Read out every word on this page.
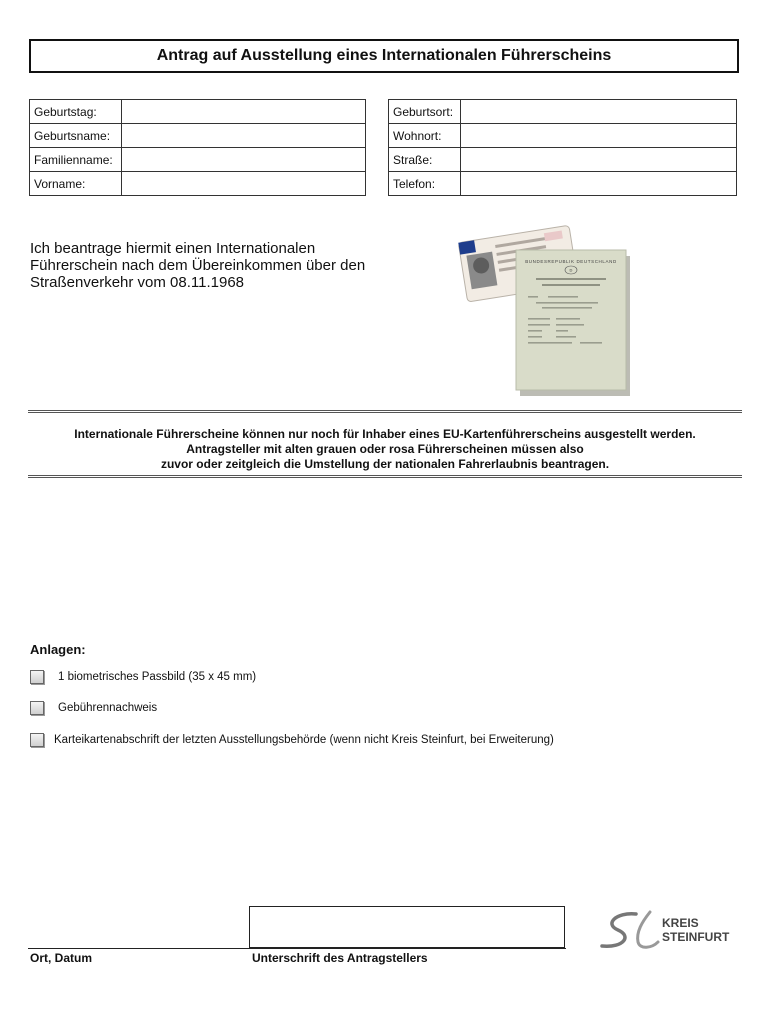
Antrag auf Ausstellung eines Internationalen Führerscheins
Geburtstag:	
Geburtsname:	
Familienname:	
Vorname:	
Geburtsort:	
Wohnort:	
Straße:	
Telefon:	
Ich beantrage hiermit einen Internationalen Führerschein nach dem Übereinkommen über den Straßenverkehr vom 08.11.1968
BUNDESREPUBLIK DEUTSCHLAND
D
Internationale Führerscheine können nur noch für Inhaber eines EU-Kartenführerscheins ausgestellt werden.
Antragsteller mit alten grauen oder rosa Führerscheinen müssen also
zuvor oder zeitgleich die Umstellung der nationalen Fahrerlaubnis beantragen.
Anlagen:
1 biometrisches Passbild (35 x 45 mm)
Gebührennachweis
Karteikartenabschrift der letzten Ausstellungsbehörde (wenn nicht Kreis Steinfurt, bei Erweiterung)
Ort, Datum	Unterschrift des Antragstellers
KREIS
STEINFURT
